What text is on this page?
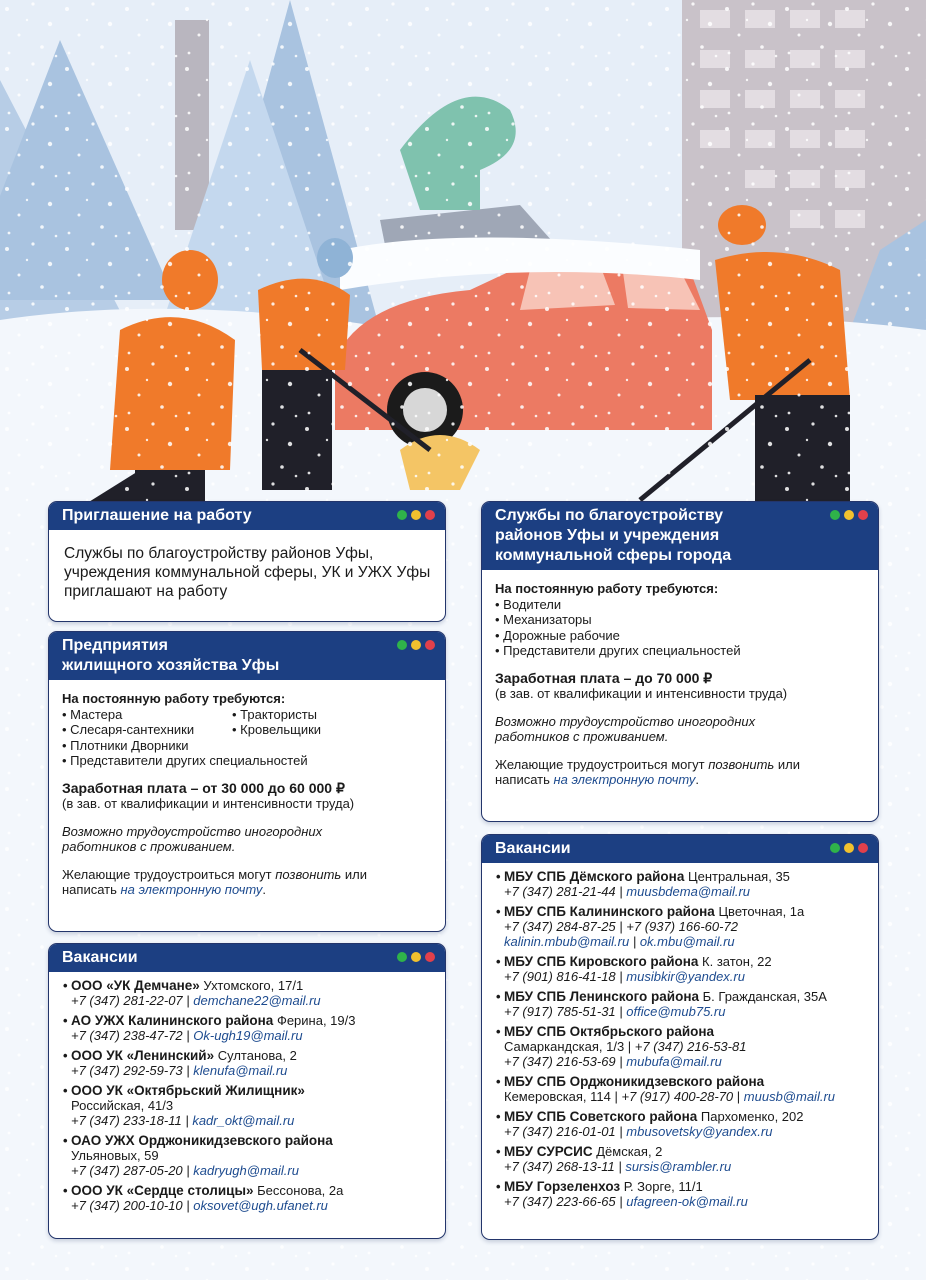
Приглашение на работу
Службы по благоустройству районов Уфы, учреждения коммунальной сферы, УК и УЖХ Уфы приглашают на работу
Предприятия
жилищного хозяйства Уфы
На постоянную работу требуются:
• Мастера
• Слесаря-сантехники
• Плотники Дворники
• Трактористы
• Кровельщики
• Представители других специальностей
Заработная плата – от 30 000 до 60 000 ₽
(в зав. от квалификации и интенсивности труда)
Возможно трудоустройство иногородних работников с проживанием.
Желающие трудоустроиться могут позвонить или написать на электронную почту.
Вакансии
• ООО «УК Демчане» Ухтомского, 17/1
+7 (347) 281-22-07 | demchane22@mail.ru
• АО УЖХ Калининского района Ферина, 19/3
+7 (347) 238-47-72 | Ok-ugh19@mail.ru
• ООО УК «Ленинский» Султанова, 2
+7 (347) 292-59-73 | klenufa@mail.ru
• ООО УК «Октябрьский Жилищник»
Российская, 41/3
+7 (347) 233-18-11 | kadr_okt@mail.ru
• ОАО УЖХ Орджоникидзевского района
Ульяновых, 59
+7 (347) 287-05-20 | kadryugh@mail.ru
• ООО УК «Сердце столицы» Бессонова, 2а
+7 (347) 200-10-10 | oksovet@ugh.ufanet.ru
Службы по благоустройству
районов Уфы и учреждения
коммунальной сферы города
На постоянную работу требуются:
• Водители
• Механизаторы
• Дорожные рабочие
• Представители других специальностей
Заработная плата – до 70 000 ₽
(в зав. от квалификации и интенсивности труда)
Возможно трудоустройство иногородних работников с проживанием.
Желающие трудоустроиться могут позвонить или написать на электронную почту.
Вакансии
• МБУ СПБ Дёмского района Центральная, 35
+7 (347) 281-21-44 | muusbdema@mail.ru
• МБУ СПБ Калининского района Цветочная, 1а
+7 (347) 284-87-25 | +7 (937) 166-60-72
kalinin.mbub@mail.ru | ok.mbu@mail.ru
• МБУ СПБ Кировского района К. затон, 22
+7 (901) 816-41-18 | musibkir@yandex.ru
• МБУ СПБ Ленинского района Б. Гражданская, 35А
+7 (917) 785-51-31 | office@mub75.ru
• МБУ СПБ Октябрьского района
Самаркандская, 1/3 | +7 (347) 216-53-81
+7 (347) 216-53-69 | mubufa@mail.ru
• МБУ СПБ Орджоникидзевского района
Кемеровская, 114 | +7 (917) 400-28-70 | muusb@mail.ru
• МБУ СПБ Советского района Пархоменко, 202
+7 (347) 216-01-01 | mbusovetsky@yandex.ru
• МБУ СУРСИС Дёмская, 2
+7 (347) 268-13-11 | sursis@rambler.ru
• МБУ Горзеленхоз Р. Зорге, 11/1
+7 (347) 223-66-65 | ufagreen-ok@mail.ru
